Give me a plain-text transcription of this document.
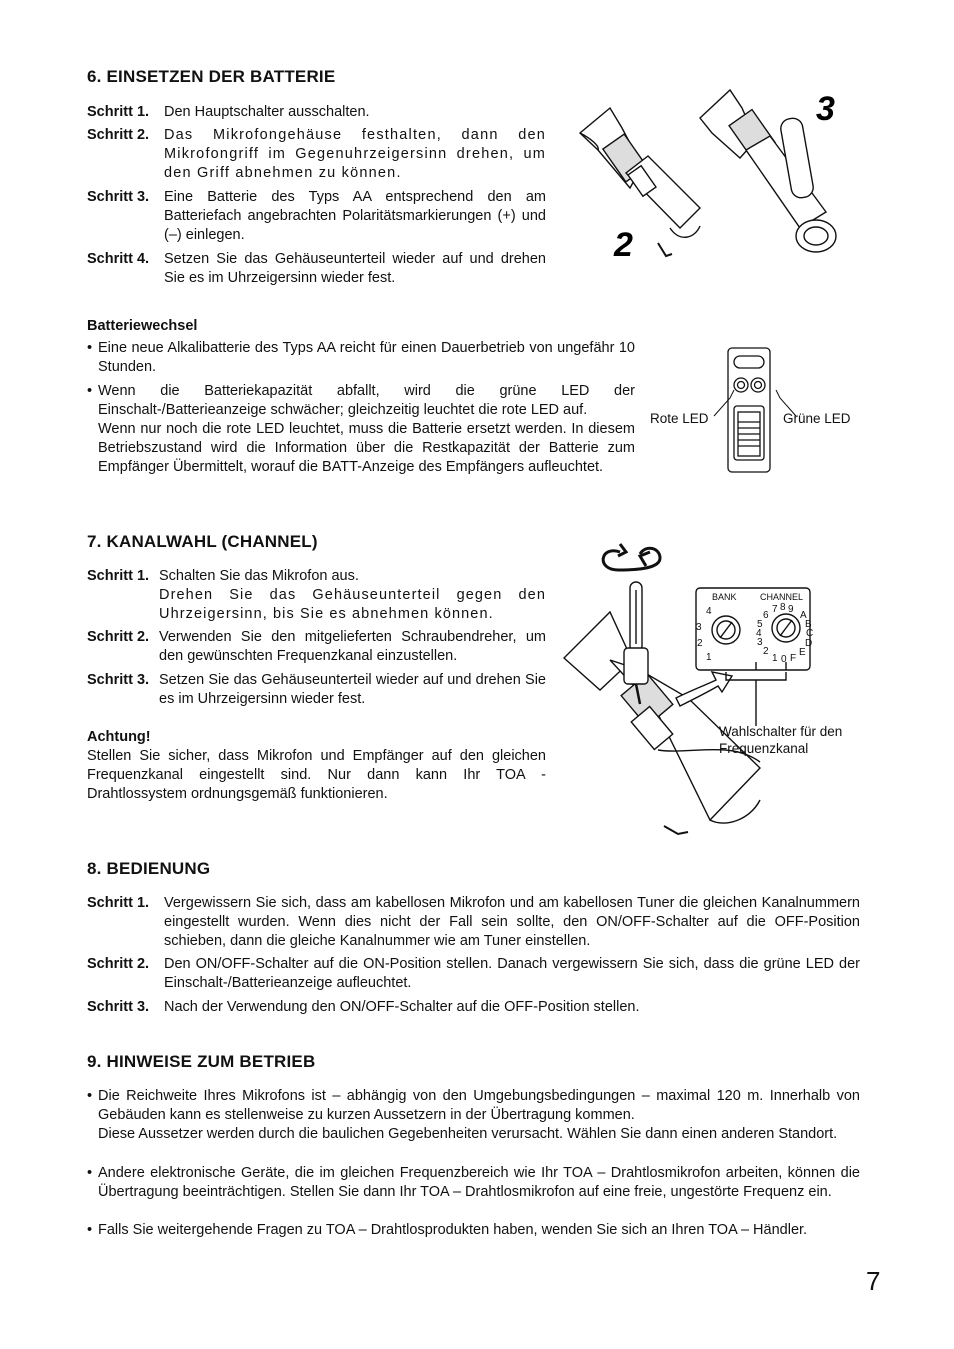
6. EINSETZEN DER BATTERIE
Schritt 1. Den Hauptschalter ausschalten.
Schritt 2. Das Mikrofongehäuse festhalten, dann den Mikrofongriff im Gegenuhrzeigersinn drehen, um den Griff abnehmen zu können.
Schritt 3. Eine Batterie des Typs AA entsprechend den am Batteriefach angebrachten Polaritätsmarkierungen (+) und (–) einlegen.
Schritt 4. Setzen Sie das Gehäuseunterteil wieder auf und drehen Sie es im Uhrzeigersinn wieder fest.
2
3
Batteriewechsel
• Eine neue Alkalibatterie des Typs AA reicht für einen Dauerbetrieb von ungefähr 10 Stunden.
• Wenn die Batteriekapazität abfallt, wird die grüne LED der Einschalt-/Batterieanzeige schwächer; gleichzeitig leuchtet die rote LED auf.
Wenn nur noch die rote LED leuchtet, muss die Batterie ersetzt werden. In diesem Betriebszustand wird die Information über die Restkapazität der Batterie zum Empfänger Übermittelt, worauf die BATT-Anzeige des Empfängers aufleuchtet.
Rote LED	Grüne LED
7. KANALWAHL (CHANNEL)
Schritt 1. Schalten Sie das Mikrofon aus.
Drehen Sie das Gehäuseunterteil gegen den Uhrzeigersinn, bis Sie es abnehmen können.
Schritt 2. Verwenden Sie den mitgelieferten Schraubendreher, um den gewünschten Frequenzkanal einzustellen.
Schritt 3. Setzen Sie das Gehäuseunterteil wieder auf und drehen Sie es im Uhrzeigersinn wieder fest.
Achtung!
Stellen Sie sicher, dass Mikrofon und Empfänger auf den gleichen Frequenzkanal eingestellt sind. Nur dann kann Ihr TOA - Drahtlossystem ordnungsgemäß funktionieren.
BANK	CHANNEL
4
3
2
1
7 8 9
6	A
5	B
4	C
3	D
2	E
1 0 F
Wahlschalter für den Frequenzkanal
8. BEDIENUNG
Schritt 1. Vergewissern Sie sich, dass am kabellosen Mikrofon und am kabellosen Tuner die gleichen Kanalnummern eingestellt wurden. Wenn dies nicht der Fall sein sollte, den ON/OFF-Schalter auf die OFF-Position schieben, dann die gleiche Kanalnummer wie am Tuner einstellen.
Schritt 2. Den ON/OFF-Schalter auf die ON-Position stellen. Danach vergewissern Sie sich, dass die grüne LED der Einschalt-/Batterieanzeige aufleuchtet.
Schritt 3. Nach der Verwendung den ON/OFF-Schalter auf die OFF-Position stellen.
9. HINWEISE ZUM BETRIEB
• Die Reichweite Ihres Mikrofons ist – abhängig von den Umgebungsbedingungen – maximal 120 m. Innerhalb von Gebäuden kann es stellenweise zu kurzen Aussetzern in der Übertragung kommen.
Diese Aussetzer werden durch die baulichen Gegebenheiten verursacht. Wählen Sie dann einen anderen Standort.
• Andere elektronische Geräte, die im gleichen Frequenzbereich wie Ihr TOA – Drahtlosmikrofon arbeiten, können die Übertragung beeinträchtigen. Stellen Sie dann Ihr TOA – Drahtlosmikrofon auf eine freie, ungestörte Frequenz ein.
• Falls Sie weitergehende Fragen zu TOA – Drahtlosprodukten haben, wenden Sie sich an Ihren TOA – Händler.
7
